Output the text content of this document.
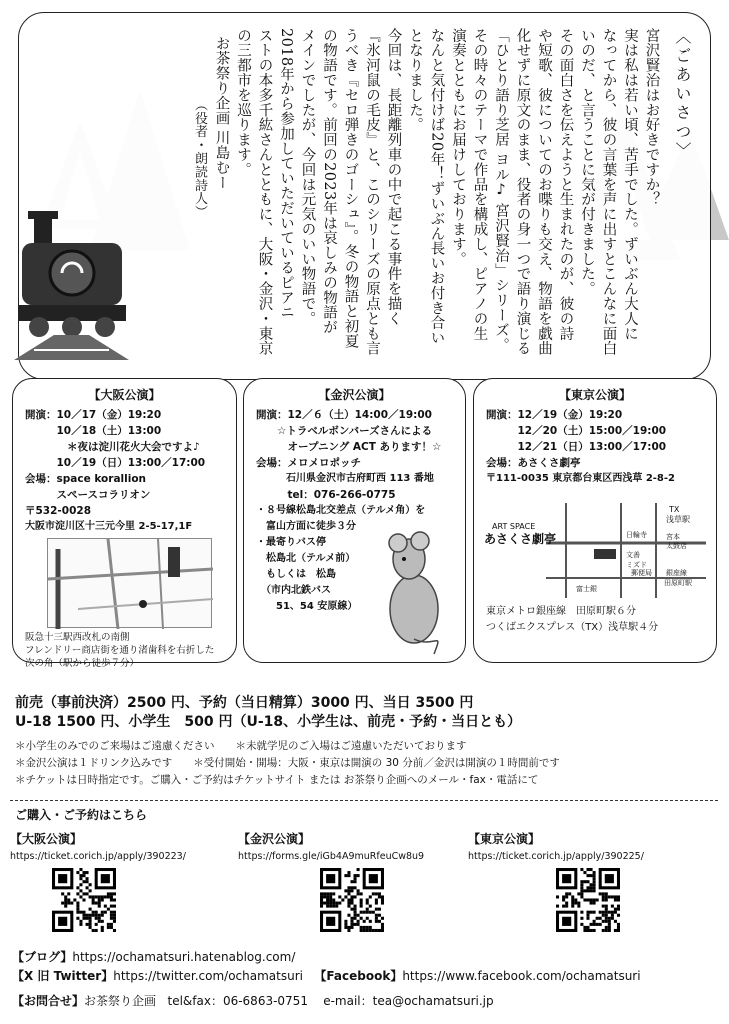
〈ごあいさつ〉

宮沢賢治はお好きですか？

実は私は若い頃、苦手でした。ずいぶん大人に

なってから、彼の言葉を声に出すとこんなに面白

いのだ、と言うことに気が付きました。

その面白さを伝えようと生まれたのが、彼の詩

や短歌、彼についてのお喋りも交え、物語を戯曲

化せずに原文のまま、役者の身一つで語り演じる

「ひとり語り芝居 ヨル♪ 宮沢賢治」シリーズ。

その時々のテーマで作品を構成し、ピアノの生

演奏とともにお届けしております。

なんと気付けば20年！ずいぶん長いお付き合い

となりました。

今回は、長距離列車の中で起こる事件を描く

『氷河鼠の毛皮』と、このシリーズの原点とも言

うべき『セロ弾きのゴーシュ』。冬の物語と初夏

の物語です。前回の2023年は哀しみの物語が

メインでしたが、今回は元気のいい物語で。

2018年から参加していただいているピアニ

ストの本多千紘さんとともに、大阪・金沢・東京

の三都市を巡ります。

お茶祭り企画 川島むー

（役者・朗読詩人）

【大阪公演】
開演：10／17（金）19:20
　　　10／18（土）13:00
　　　　＊夜は淀川花火大会ですよ♪
　　　10／19（日）13:00／17:00
会場：space korallion
　　　スペースコラリオン
〒532-0028
大阪市淀川区十三元今里 2-5-17,1F
阪急十三駅西改札の南側
フレンドリー商店街を通り渚歯科を右折した
次の角（駅から徒歩７分）
【金沢公演】
開演：12／６（土）14:00／19:00
　　☆トラベルボンバーズさんによる
　　　オープニング ACT あります！☆
会場：メロメロポッチ
　　　石川県金沢市古府町西 113 番地
　　　tel：076-266-0775
・８号線松島北交差点（テルメ角）を
　富山方面に徒歩３分
・最寄りバス停
　松島北（テルメ前）
　もしくは　松島
　（市内北鉄バス
　　51、54 安原線）
【東京公演】
開演：12／19（金）19:20
　　　12／20（土）15:00／19:00
　　　12／21（日）13:00／17:00
会場：あさくさ劇亭
〒111-0035 東京都台東区西浅草 2-8-2
TX
浅草駅
日輪寺	宮本
太鼓店
文善
ミズド
郵便局 銀座線
田原町駅
富士銀
ART SPACE
あさくさ劇亭
東京メトロ銀座線　田原町駅６分
つくばエクスプレス（TX）浅草駅４分
前売（事前決済）2500 円、予約（当日精算）3000 円、当日 3500 円
U-18 1500 円、小学生　500 円（U-18、小学生は、前売・予約・当日とも）
＊小学生のみでのご来場はご遠慮ください　　＊未就学児のご入場はご遠慮いただいております
＊金沢公演は１ドリンク込みです　　＊受付開始・開場：大阪・東京は開演の 30 分前／金沢は開演の１時間前です
＊チケットは日時指定です。ご購入・ご予約はチケットサイト または お茶祭り企画へのメール・fax・電話にて
ご購入・ご予約はこちら
【大阪公演】
https://ticket.corich.jp/apply/390223/
【金沢公演】
https://forms.gle/iGb4A9muRfeuCw8u9
【東京公演】
https://ticket.corich.jp/apply/390225/
【ブログ】https://ochamatsuri.hatenablog.com/
【X 旧 Twitter】https://twitter.com/ochamatsuri 【Facebook】https://www.facebook.com/ochamatsuri
【お問合せ】お茶祭り企画 tel&fax：06-6863-0751 e-mail：tea@ochamatsuri.jp
